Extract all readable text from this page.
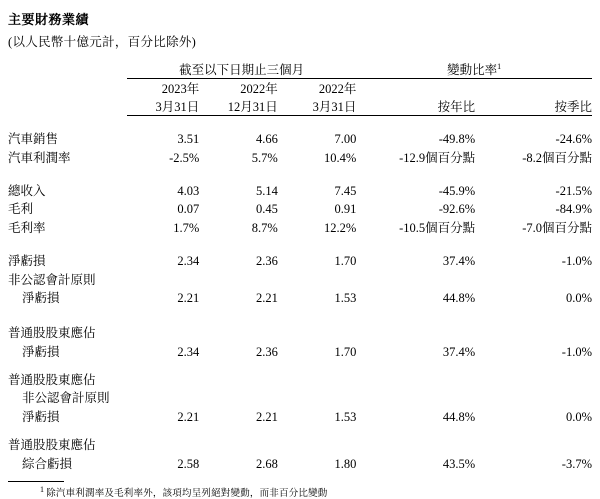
主要財務業績
(以人民幣十億元計，百分比除外)
	截至以下日期止三個月			變動比率$^1$

	2023年	2022年	2022年		
	3月31日	12月31日	3月31日	按年比	按季比

汽車銷售	3.51	4.66	7.00	-49.8%	-24.6%
汽車利潤率	-2.5%	5.7%	10.4%	-12.9個百分點	-8.2個百分點

總收入	4.03	5.14	7.45	-45.9%	-21.5%
毛利	0.07	0.45	0.91	-92.6%	-84.9%
毛利率	1.7%	8.7%	12.2%	-10.5個百分點	-7.0個百分點

淨虧損	2.34	2.36	1.70	37.4%	-1.0%
非公認會計原則					
淨虧損	2.21	2.21	1.53	44.8%	0.0%

普通股股東應佔					
淨虧損	2.34	2.36	1.70	37.4%	-1.0%

普通股股東應佔					
非公認會計原則					
淨虧損	2.21	2.21	1.53	44.8%	0.0%

普通股股東應佔					
綜合虧損	2.58	2.68	1.80	43.5%	-3.7%
$^1$ 除汽車利潤率及毛利率外，該項均呈列絕對變動，而非百分比變動
